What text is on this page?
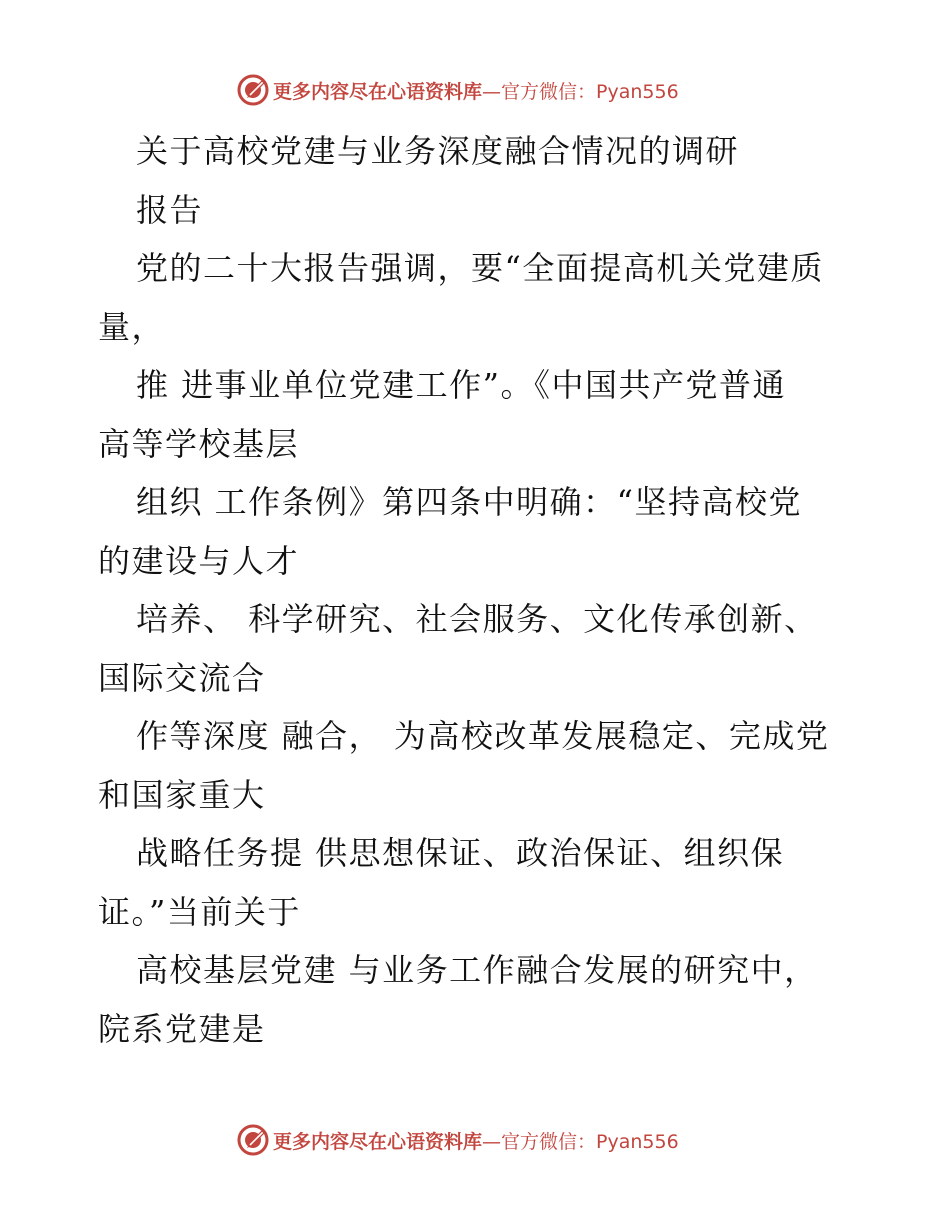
更多内容尽在心语资料库—官方微信：Pyan556
关于高校党建与业务深度融合情况的调研
报告
党的二十大报告强调，要“全面提高机关党建质
量，
推 进事业单位党建工作”。《中国共产党普通
高等学校基层
组织 工作条例》第四条中明确：“坚持高校党
的建设与人才
培养、 科学研究、社会服务、文化传承创新、
国际交流合
作等深度 融合， 为高校改革发展稳定、完成党
和国家重大
战略任务提 供思想保证、政治保证、组织保
证。”当前关于
高校基层党建 与业务工作融合发展的研究中，
院系党建是
更多内容尽在心语资料库—官方微信：Pyan556
